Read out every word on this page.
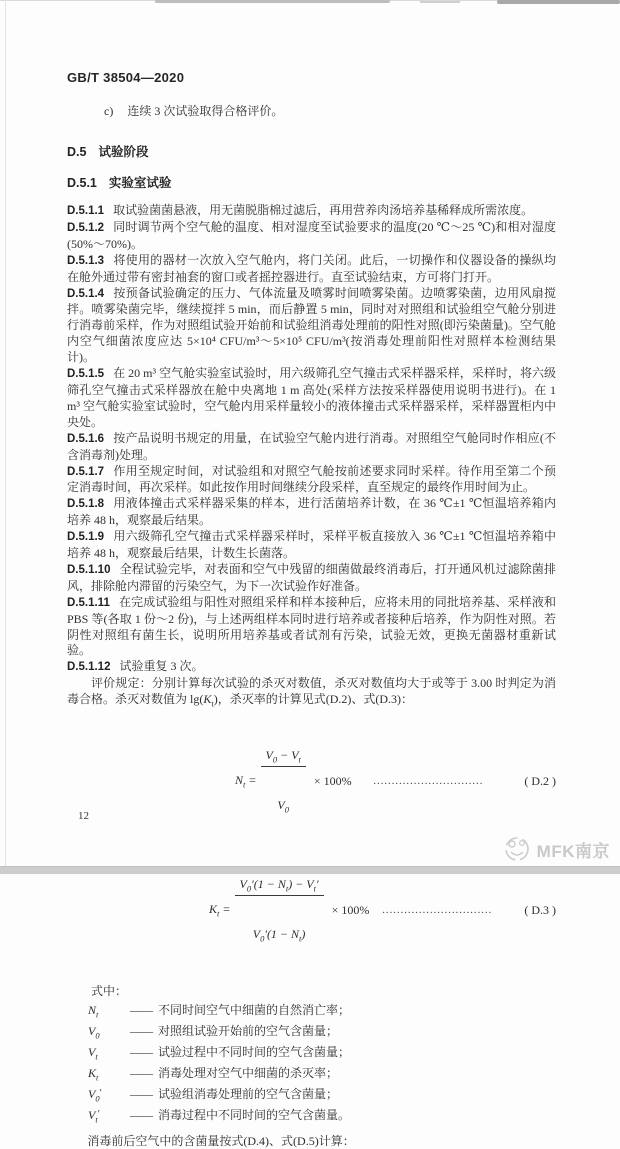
GB/T 38504—2020
c) 连续 3 次试验取得合格评价。
D.5 试验阶段
D.5.1 实验室试验

D.5.1.1 取试验菌菌悬液，用无菌脱脂棉过滤后，再用营养肉汤培养基稀释成所需浓度。

D.5.1.2 同时调节两个空气舱的温度、相对湿度至试验要求的温度(20 ℃～25 ℃)和相对湿度(50%～70%)。

D.5.1.3 将使用的器材一次放入空气舱内，将门关闭。此后，一切操作和仪器设备的操纵均在舱外通过带有密封袖套的窗口或者摇控器进行。直至试验结束，方可将门打开。

D.5.1.4 按预备试验确定的压力、气体流量及喷雾时间喷雾染菌。边喷雾染菌，边用风扇搅拌。喷雾染菌完毕，继续搅拌 5 min，而后静置 5 min，同时对对照组和试验组空气舱分别进行消毒前采样，作为对照组试验开始前和试验组消毒处理前的阳性对照(即污染菌量)。空气舱内空气细菌浓度应达 5×10⁴ CFU/m³～5×10⁵ CFU/m³(按消毒处理前阳性对照样本检测结果计)。

D.5.1.5 在 20 m³ 空气舱实验室试验时，用六级筛孔空气撞击式采样器采样，采样时，将六级筛孔空气撞击式采样器放在舱中央离地 1 m 高处(采样方法按采样器使用说明书进行)。在 1 m³ 空气舱实验室试验时，空气舱内用采样量较小的液体撞击式采样器采样，采样器置柜内中央处。

D.5.1.6 按产品说明书规定的用量，在试验空气舱内进行消毒。对照组空气舱同时作相应(不含消毒剂)处理。

D.5.1.7 作用至规定时间，对试验组和对照空气舱按前述要求同时采样。待作用至第二个预定消毒时间，再次采样。如此按作用时间继续分段采样，直至规定的最终作用时间为止。

D.5.1.8 用液体撞击式采样器采集的样本，进行活菌培养计数，在 36 ℃±1 ℃恒温培养箱内培养 48 h，观察最后结果。

D.5.1.9 用六级筛孔空气撞击式采样器采样时，采样平板直接放入 36 ℃±1 ℃恒温培养箱中培养 48 h，观察最后结果，计数生长菌落。

D.5.1.10 全程试验完毕，对表面和空气中残留的细菌做最终消毒后，打开通风机过滤除菌排风，排除舱内滞留的污染空气，为下一次试验作好准备。

D.5.1.11 在完成试验组与阳性对照组采样和样本接种后，应将未用的同批培养基、采样液和 PBS 等(各取 1 份～2 份)，与上述两组样本同时进行培养或者接种后培养，作为阴性对照。若阴性对照组有菌生长，说明所用培养基或者试剂有污染，试验无效，更换无菌器材重新试验。

D.5.1.12 试验重复 3 次。

评价规定：分别计算每次试验的杀灭对数值，杀灭对数值均大于或等于 3.00 时判定为消毒合格。杀灭对数值为 $\lg(K_t)$，杀灭率的计算见式(D.2)、式(D.3)：

$N_t$ =

$\frac{V_0 - V_t}{V_0}$

× 100%	…………………………	( D.2 )
$K_t$ =

$\frac{V_0'(1 - N_t) - V_t'}{V_0'(1 - N_t)}$

× 100%	…………………………	( D.3 )
式中：
$N_t$	—— 不同时间空气中细菌的自然消亡率；
$V_0$	—— 对照组试验开始前的空气含菌量；
$V_t$	—— 试验过程中不同时间的空气含菌量；
$K_t$	—— 消毒处理对空气中细菌的杀灭率；
$V_0'$	—— 试验组消毒处理前的空气含菌量；
$V_t'$	—— 消毒过程中不同时间的空气含菌量。
消毒前后空气中的含菌量按式(D.4)、式(D.5)计算：
12
MFK南京
